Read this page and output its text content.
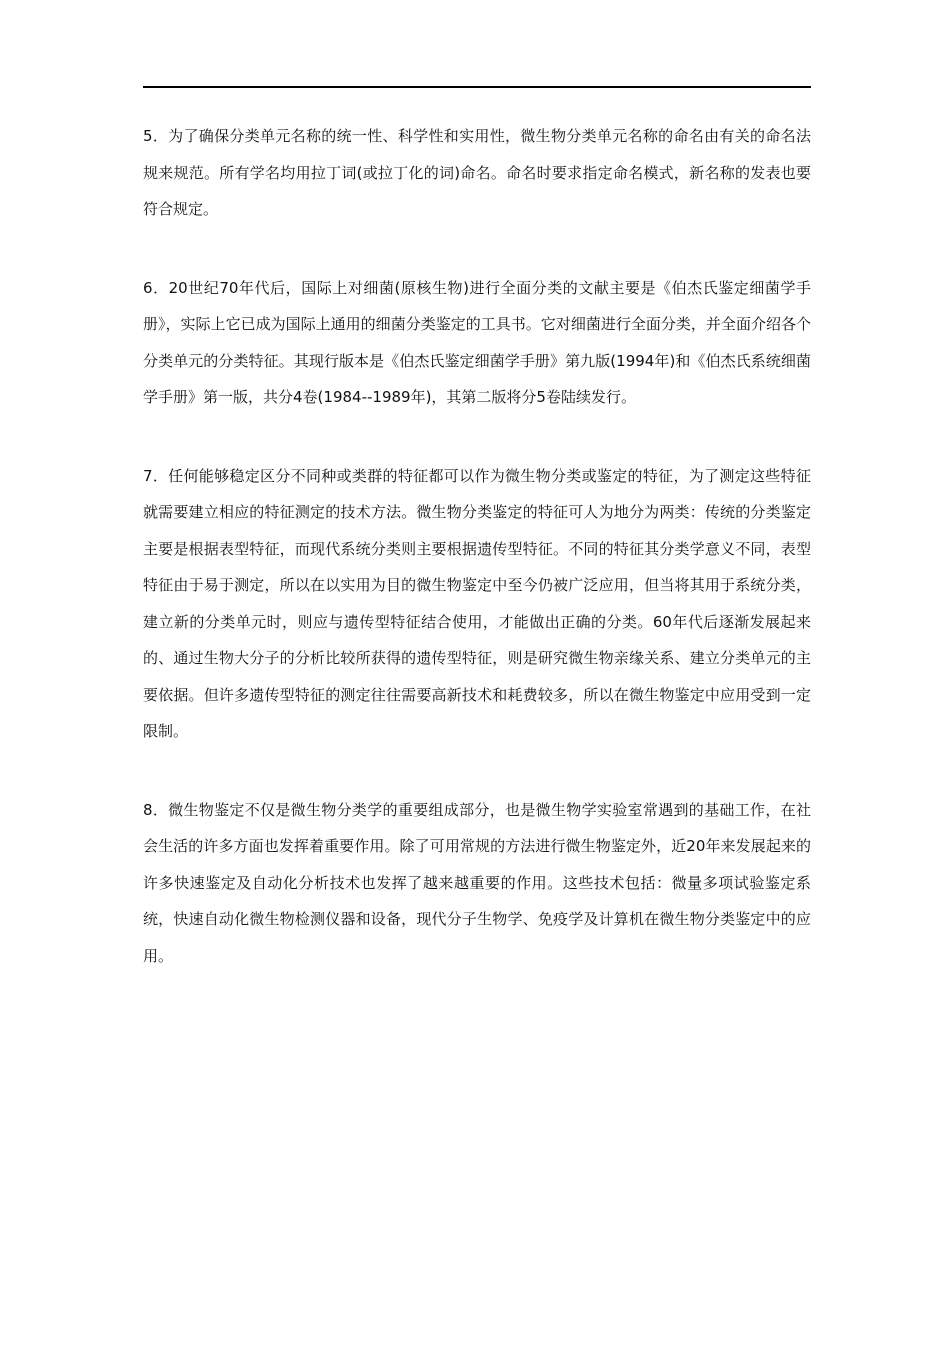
5．为了确保分类单元名称的统一性、科学性和实用性，微生物分类单元名称的命名由有关的命名法规来规范。所有学名均用拉丁词(或拉丁化的词)命名。命名时要求指定命名模式，新名称的发表也要符合规定。

6．20世纪70年代后，国际上对细菌(原核生物)进行全面分类的文献主要是《伯杰氏鉴定细菌学手册》，实际上它已成为国际上通用的细菌分类鉴定的工具书。它对细菌进行全面分类，并全面介绍各个分类单元的分类特征。其现行版本是《伯杰氏鉴定细菌学手册》第九版(1994年)和《伯杰氏系统细菌学手册》第一版，共分4卷(1984--1989年)，其第二版将分5卷陆续发行。

7．任何能够稳定区分不同种或类群的特征都可以作为微生物分类或鉴定的特征，为了测定这些特征就需要建立相应的特征测定的技术方法。微生物分类鉴定的特征可人为地分为两类：传统的分类鉴定主要是根据表型特征，而现代系统分类则主要根据遗传型特征。不同的特征其分类学意义不同，表型特征由于易于测定，所以在以实用为目的微生物鉴定中至今仍被广泛应用，但当将其用于系统分类，建立新的分类单元时，则应与遗传型特征结合使用，才能做出正确的分类。60年代后逐渐发展起来的、通过生物大分子的分析比较所获得的遗传型特征，则是研究微生物亲缘关系、建立分类单元的主要依据。但许多遗传型特征的测定往往需要高新技术和耗费较多，所以在微生物鉴定中应用受到一定限制。

8．微生物鉴定不仅是微生物分类学的重要组成部分，也是微生物学实验室常遇到的基础工作，在社会生活的许多方面也发挥着重要作用。除了可用常规的方法进行微生物鉴定外，近20年来发展起来的许多快速鉴定及自动化分析技术也发挥了越来越重要的作用。这些技术包括：微量多项试验鉴定系统，快速自动化微生物检测仪器和设备，现代分子生物学、免疫学及计算机在微生物分类鉴定中的应用。
